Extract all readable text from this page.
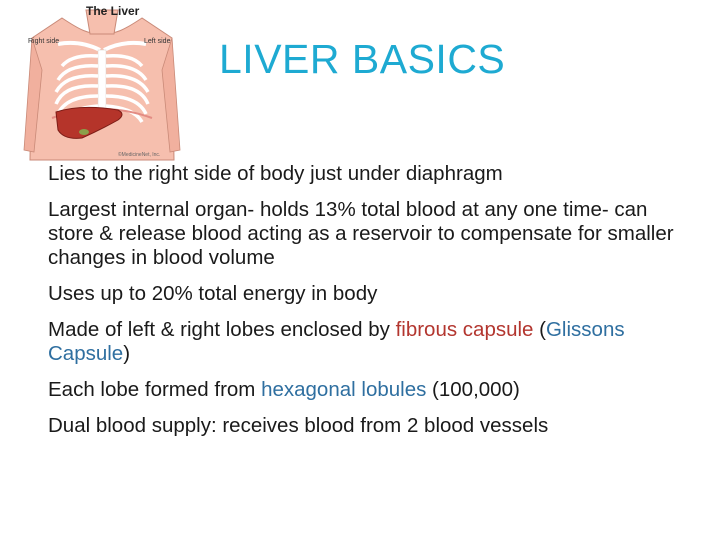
The Liver
Right side	Left side
©MedicineNet, Inc.
LIVER BASICS
Lies to the right side of body just under diaphragm
Largest internal organ- holds 13% total blood at any one time- can store & release blood acting as a reservoir to compensate for smaller changes in blood volume
Uses up to 20% total energy in body
Made of left & right lobes enclosed by fibrous capsule (Glissons Capsule)
Each lobe formed from hexagonal lobules (100,000)
Dual blood supply: receives blood from 2 blood vessels
